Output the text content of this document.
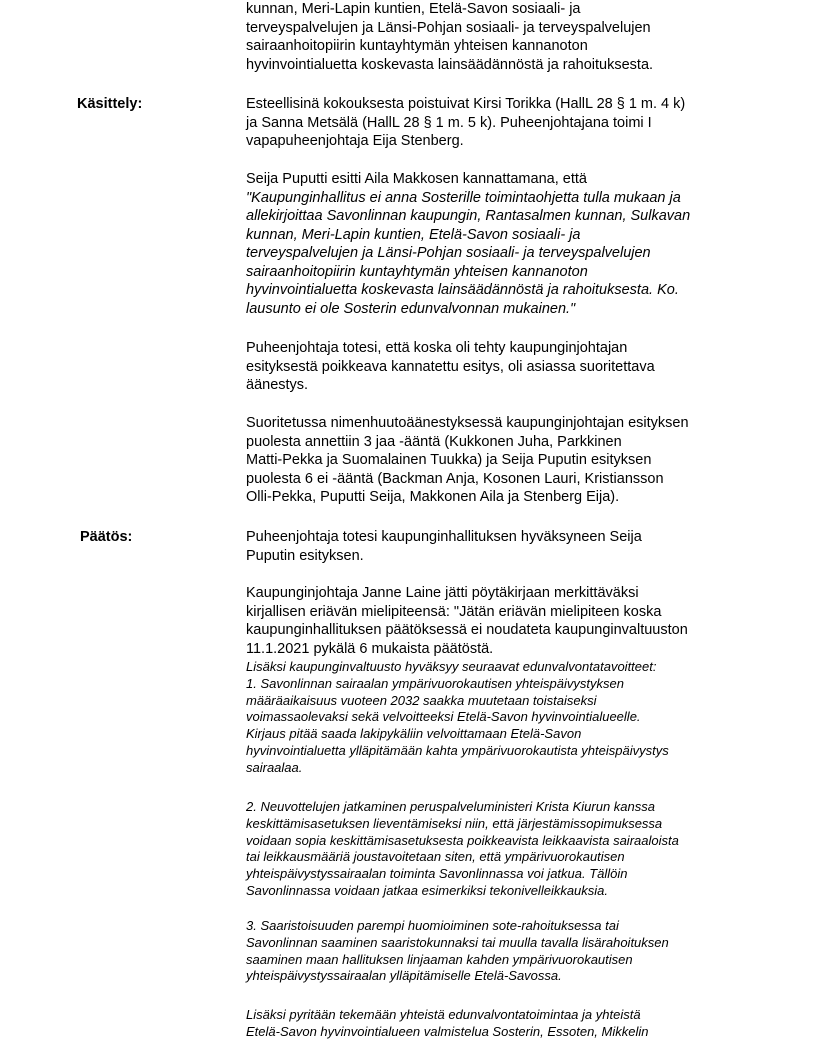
kunnan, Meri-Lapin kuntien, Etelä-Savon sosiaali- ja
terveyspalvelujen ja Länsi-Pohjan sosiaali- ja terveyspalvelujen
sairaanhoitopiirin kuntayhtymän yhteisen kannanoton
hyvinvointialuetta koskevasta lainsäädännöstä ja rahoituksesta.
Käsittely:	Esteellisinä kokouksesta poistuivat Kirsi Torikka (HallL 28 § 1 m. 4 k)
ja Sanna Metsälä (HallL 28 § 1 m. 5 k). Puheenjohtajana toimi I
vapapuheenjohtaja Eija Stenberg.
Seija Puputti esitti Aila Makkosen kannattamana, että
"Kaupunginhallitus ei anna Sosterille toimintaohjetta tulla mukaan ja
allekirjoittaa Savonlinnan kaupungin, Rantasalmen kunnan, Sulkavan
kunnan, Meri-Lapin kuntien, Etelä-Savon sosiaali- ja
terveyspalvelujen ja Länsi-Pohjan sosiaali- ja terveyspalvelujen
sairaanhoitopiirin kuntayhtymän yhteisen kannanoton
hyvinvointialuetta koskevasta lainsäädännöstä ja rahoituksesta. Ko.
lausunto ei ole Sosterin edunvalvonnan mukainen."
Puheenjohtaja totesi, että koska oli tehty kaupunginjohtajan
esityksestä poikkeava kannatettu esitys, oli asiassa suoritettava
äänestys.
Suoritetussa nimenhuutoäänestyksessä kaupunginjohtajan esityksen
puolesta annettiin 3 jaa -ääntä (Kukkonen Juha, Parkkinen
Matti-Pekka ja Suomalainen Tuukka) ja Seija Puputin esityksen
puolesta 6 ei -ääntä (Backman Anja, Kosonen Lauri, Kristiansson
Olli-Pekka, Puputti Seija, Makkonen Aila ja Stenberg Eija).
Päätös:	Puheenjohtaja totesi kaupunginhallituksen hyväksyneen Seija
Puputin esityksen.
Kaupunginjohtaja Janne Laine jätti pöytäkirjaan merkittäväksi
kirjallisen eriävän mielipiteensä: "Jätän eriävän mielipiteen koska
kaupunginhallituksen päätöksessä ei noudateta kaupunginvaltuuston
11.1.2021 pykälä 6 mukaista päätöstä.
Lisäksi kaupunginvaltuusto hyväksyy seuraavat edunvalvontatavoitteet:
1. Savonlinnan sairaalan ympärivuorokautisen yhteispäivystyksen
määräaikaisuus vuoteen 2032 saakka muutetaan toistaiseksi
voimassaolevaksi sekä velvoitteeksi Etelä-Savon hyvinvointialueelle.
Kirjaus pitää saada lakipykäliin velvoittamaan Etelä-Savon
hyvinvointialuetta ylläpitämään kahta ympärivuorokautista yhteispäivystys
sairaalaa.
2. Neuvottelujen jatkaminen peruspalveluministeri Krista Kiurun kanssa
keskittämisasetuksen lieventämiseksi niin, että järjestämissopimuksessa
voidaan sopia keskittämisasetuksesta poikkeavista leikkaavista sairaaloista
tai leikkausmääriä joustavoitetaan siten, että ympärivuorokautisen
yhteispäivystyssairaalan toiminta Savonlinnassa voi jatkua. Tällöin
Savonlinnassa voidaan jatkaa esimerkiksi tekonivelleikkauksia.
3. Saaristoisuuden parempi huomioiminen sote-rahoituksessa tai
Savonlinnan saaminen saaristokunnaksi tai muulla tavalla lisärahoituksen
saaminen maan hallituksen linjaaman kahden ympärivuorokautisen
yhteispäivystyssairaalan ylläpitämiselle Etelä-Savossa.
Lisäksi pyritään tekemään yhteistä edunvalvontatoimintaa ja yhteistä
Etelä-Savon hyvinvointialueen valmistelua Sosterin, Essoten, Mikkelin
